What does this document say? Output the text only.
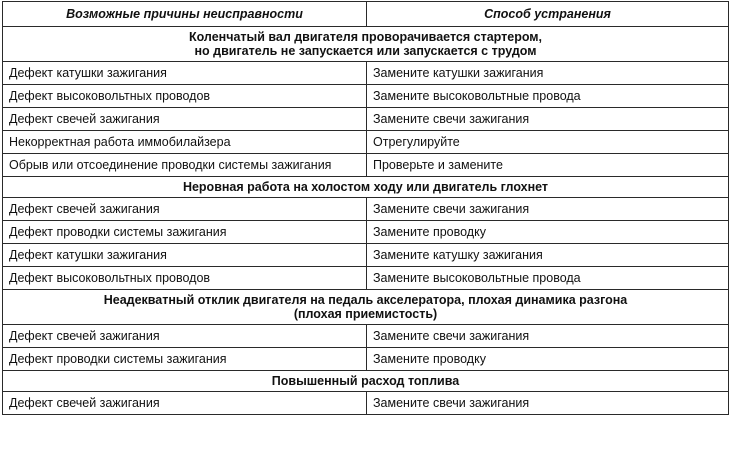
Возможные причины неисправности	Способ устранения
Коленчатый вал двигателя проворачивается стартером,
но двигатель не запускается или запускается с трудом	
Дефект катушки зажигания	Замените катушки зажигания
Дефект высоковольтных проводов	Замените высоковольтные провода
Дефект свечей зажигания	Замените свечи зажигания
Некорректная работа иммобилайзера	Отрегулируйте
Обрыв или отсоединение проводки системы зажигания	Проверьте и замените
Неровная работа на холостом ходу или двигатель глохнет	
Дефект свечей зажигания	Замените свечи зажигания
Дефект проводки системы зажигания	Замените проводку
Дефект катушки зажигания	Замените катушку зажигания
Дефект высоковольтных проводов	Замените высоковольтные провода
Неадекватный отклик двигателя на педаль акселератора, плохая динамика разгона
(плохая приемистость)	
Дефект свечей зажигания	Замените свечи зажигания
Дефект проводки системы зажигания	Замените проводку
Повышенный расход топлива	
Дефект свечей зажигания	Замените свечи зажигания
